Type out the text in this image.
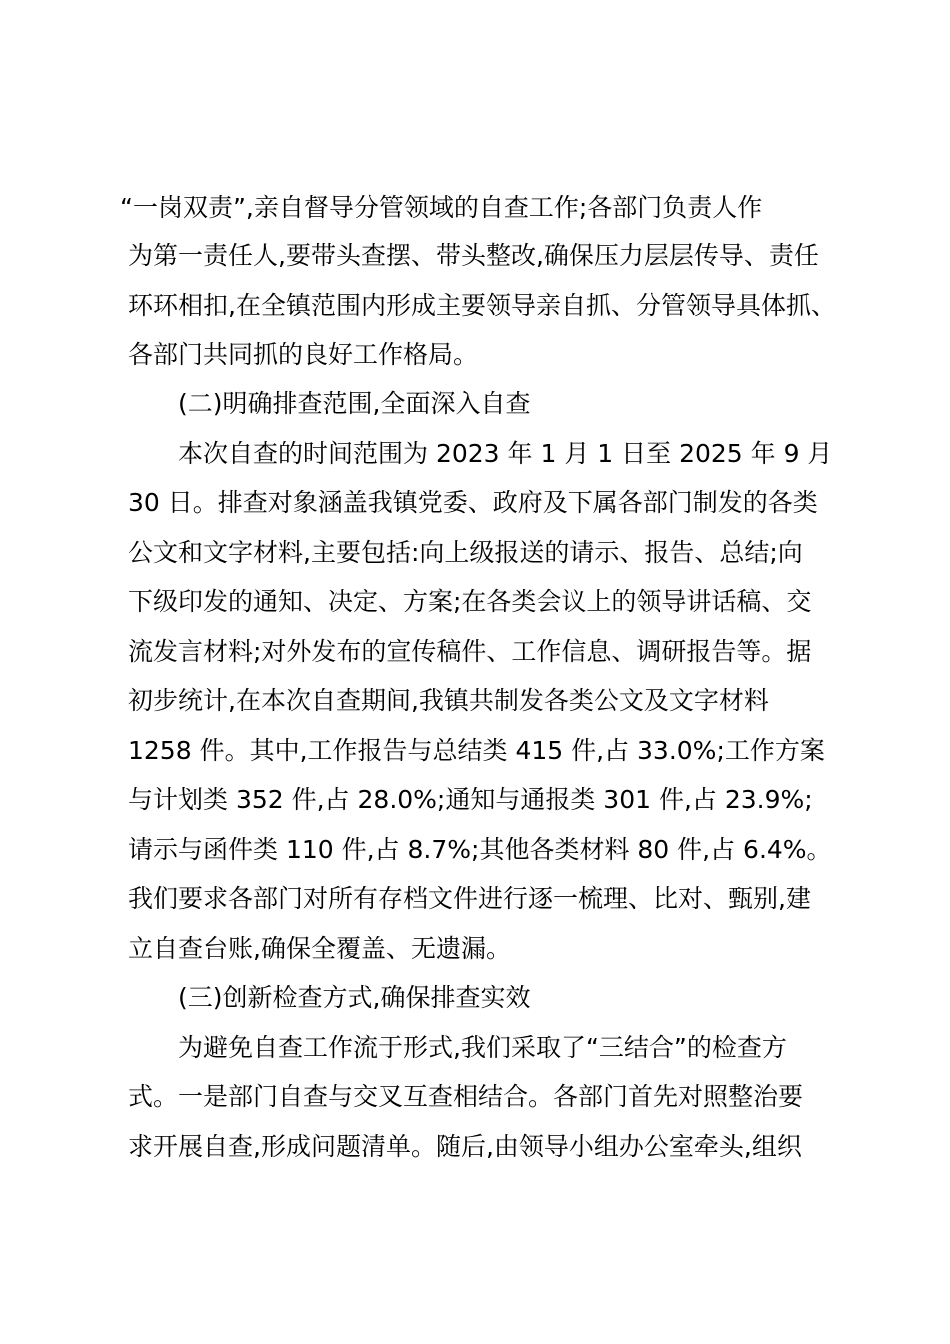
“一岗双责”,亲自督导分管领域的自查工作;各部门负责人作
为第一责任人,要带头查摆、带头整改,确保压力层层传导、责任
环环相扣,在全镇范围内形成主要领导亲自抓、分管领导具体抓、
各部门共同抓的良好工作格局。
(二)明确排查范围,全面深入自查
本次自查的时间范围为 2023 年 1 月 1 日至 2025 年 9 月
30 日。排查对象涵盖我镇党委、政府及下属各部门制发的各类
公文和文字材料,主要包括:向上级报送的请示、报告、总结;向
下级印发的通知、决定、方案;在各类会议上的领导讲话稿、交
流发言材料;对外发布的宣传稿件、工作信息、调研报告等。据
初步统计,在本次自查期间,我镇共制发各类公文及文字材料
1258 件。其中,工作报告与总结类 415 件,占 33.0%;工作方案
与计划类 352 件,占 28.0%;通知与通报类 301 件,占 23.9%;
请示与函件类 110 件,占 8.7%;其他各类材料 80 件,占 6.4%。
我们要求各部门对所有存档文件进行逐一梳理、比对、甄别,建
立自查台账,确保全覆盖、无遗漏。
(三)创新检查方式,确保排查实效
为避免自查工作流于形式,我们采取了“三结合”的检查方
式。一是部门自查与交叉互查相结合。各部门首先对照整治要
求开展自查,形成问题清单。随后,由领导小组办公室牵头,组织
